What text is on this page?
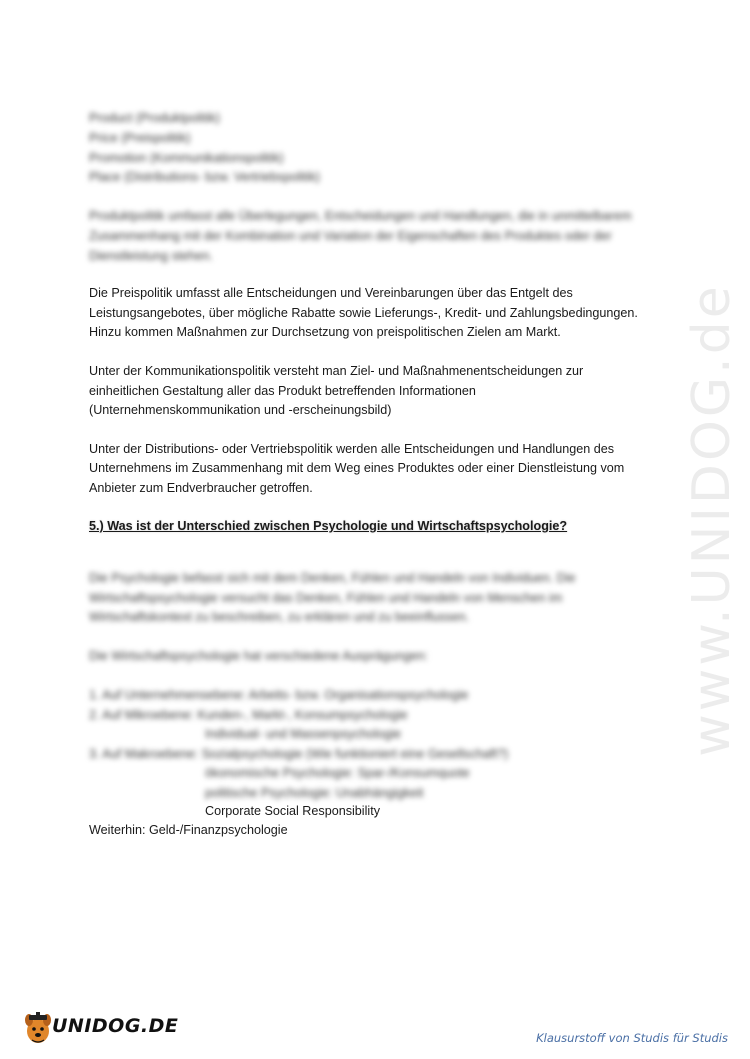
Product (Produktpolitik)
Price (Preispolitik)
Promotion (Kommunikationspolitik)
Place (Distributions- bzw. Vertriebspolitik)
Produktpolitik umfasst alle Überlegungen, Entscheidungen und Handlungen, die in unmittelbarem
Zusammenhang mit der Kombination und Variation der Eigenschaften des Produktes oder der
Dienstleistung stehen.
Die Preispolitik umfasst alle Entscheidungen und Vereinbarungen über das Entgelt des
Leistungsangebotes, über mögliche Rabatte sowie Lieferungs-, Kredit- und Zahlungsbedingungen.
Hinzu kommen Maßnahmen zur Durchsetzung von preispolitischen Zielen am Markt.
Unter der Kommunikationspolitik versteht man Ziel- und Maßnahmenentscheidungen zur
einheitlichen Gestaltung aller das Produkt betreffenden Informationen
(Unternehmenskommunikation und -erscheinungsbild)
Unter der Distributions- oder Vertriebspolitik werden alle Entscheidungen und Handlungen des
Unternehmens im Zusammenhang mit dem Weg eines Produktes oder einer Dienstleistung vom
Anbieter zum Endverbraucher getroffen.
5.) Was ist der Unterschied zwischen Psychologie und Wirtschaftspsychologie?
Die Psychologie befasst sich mit dem Denken, Fühlen und Handeln von Individuen. Die
Wirtschaftspsychologie versucht das Denken, Fühlen und Handeln von Menschen im
Wirtschaftskontext zu beschreiben, zu erklären und zu beeinflussen.
Die Wirtschaftspsychologie hat verschiedene Ausprägungen:
1. Auf Unternehmensebene: Arbeits- bzw. Organisationspsychologie
2. Auf Mikroebene: Kunden-, Markt-, Konsumpsychologie
Individual- und Massenpsychologie
3. Auf Makroebene: Sozialpsychologie (Wie funktioniert eine Gesellschaft?)
ökonomische Psychologie: Spar-/Konsumquote
politische Psychologie: Unabhängigkeit
Corporate Social Responsibility
Weiterhin: Geld-/Finanzpsychologie
www.UNIDOG.de
UNIDOG.DE
Klausurstoff von Studis für Studis
